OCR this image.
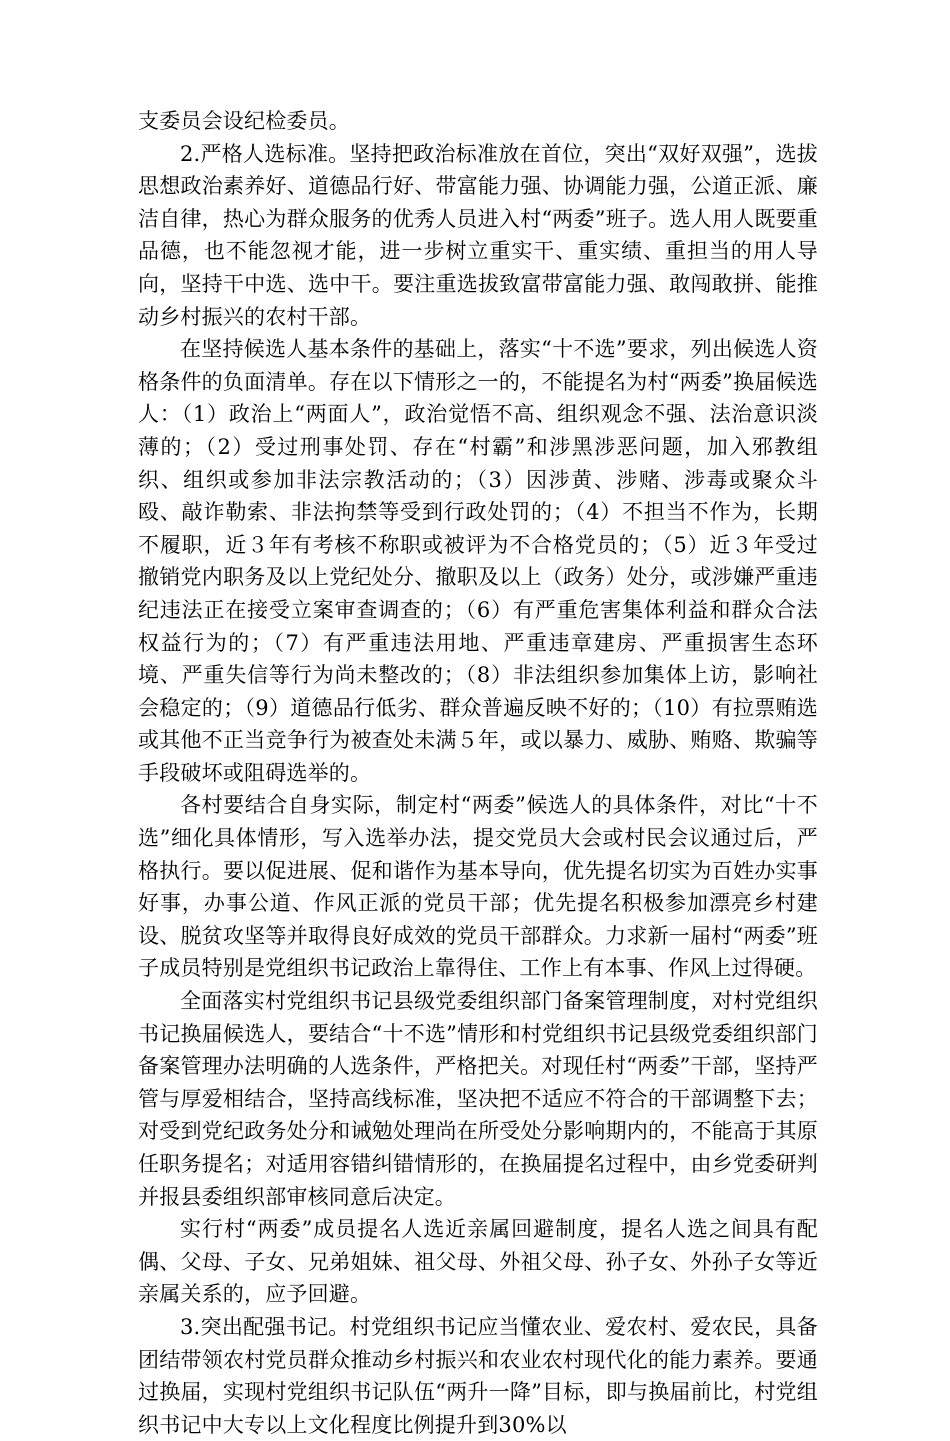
支委员会设纪检委员。

2.严格人选标准。坚持把政治标准放在首位，突出“双好双强”，选拔思想政治素养好、道德品行好、带富能力强、协调能力强，公道正派、廉洁自律，热心为群众服务的优秀人员进入村“两委”班子。选人用人既要重品德，也不能忽视才能，进一步树立重实干、重实绩、重担当的用人导向，坚持干中选、选中干。要注重选拔致富带富能力强、敢闯敢拼、能推动乡村振兴的农村干部。

在坚持候选人基本条件的基础上，落实“十不选”要求，列出候选人资格条件的负面清单。存在以下情形之一的，不能提名为村“两委”换届候选人：（1）政治上“两面人”，政治觉悟不高、组织观念不强、法治意识淡薄的；（2）受过刑事处罚、存在“村霸”和涉黑涉恶问题，加入邪教组织、组织或参加非法宗教活动的；（3）因涉黄、涉赌、涉毒或聚众斗殴、敲诈勒索、非法拘禁等受到行政处罚的；（4）不担当不作为，长期不履职，近３年有考核不称职或被评为不合格党员的；（5）近３年受过撤销党内职务及以上党纪处分、撤职及以上（政务）处分，或涉嫌严重违纪违法正在接受立案审查调查的；（6）有严重危害集体利益和群众合法权益行为的；（7）有严重违法用地、严重违章建房、严重损害生态环境、严重失信等行为尚未整改的；（8）非法组织参加集体上访，影响社会稳定的；（9）道德品行低劣、群众普遍反映不好的；（10）有拉票贿选或其他不正当竞争行为被查处未满５年，或以暴力、威胁、贿赂、欺骗等手段破坏或阻碍选举的。

各村要结合自身实际，制定村“两委”候选人的具体条件，对比“十不选”细化具体情形，写入选举办法，提交党员大会或村民会议通过后，严格执行。要以促进展、促和谐作为基本导向，优先提名切实为百姓办实事好事，办事公道、作风正派的党员干部；优先提名积极参加漂亮乡村建设、脱贫攻坚等并取得良好成效的党员干部群众。力求新一届村“两委”班子成员特别是党组织书记政治上靠得住、工作上有本事、作风上过得硬。

全面落实村党组织书记县级党委组织部门备案管理制度，对村党组织书记换届候选人，要结合“十不选”情形和村党组织书记县级党委组织部门备案管理办法明确的人选条件，严格把关。对现任村“两委”干部，坚持严管与厚爱相结合，坚持高线标准，坚决把不适应不符合的干部调整下去；对受到党纪政务处分和诫勉处理尚在所受处分影响期内的，不能高于其原任职务提名；对适用容错纠错情形的，在换届提名过程中，由乡党委研判并报县委组织部审核同意后决定。

实行村“两委”成员提名人选近亲属回避制度，提名人选之间具有配偶、父母、子女、兄弟姐妹、祖父母、外祖父母、孙子女、外孙子女等近亲属关系的，应予回避。

3.突出配强书记。村党组织书记应当懂农业、爱农村、爱农民，具备团结带领农村党员群众推动乡村振兴和农业农村现代化的能力素养。要通过换届，实现村党组织书记队伍“两升一降”目标，即与换届前比，村党组织书记中大专以上文化程度比例提升到30%以
